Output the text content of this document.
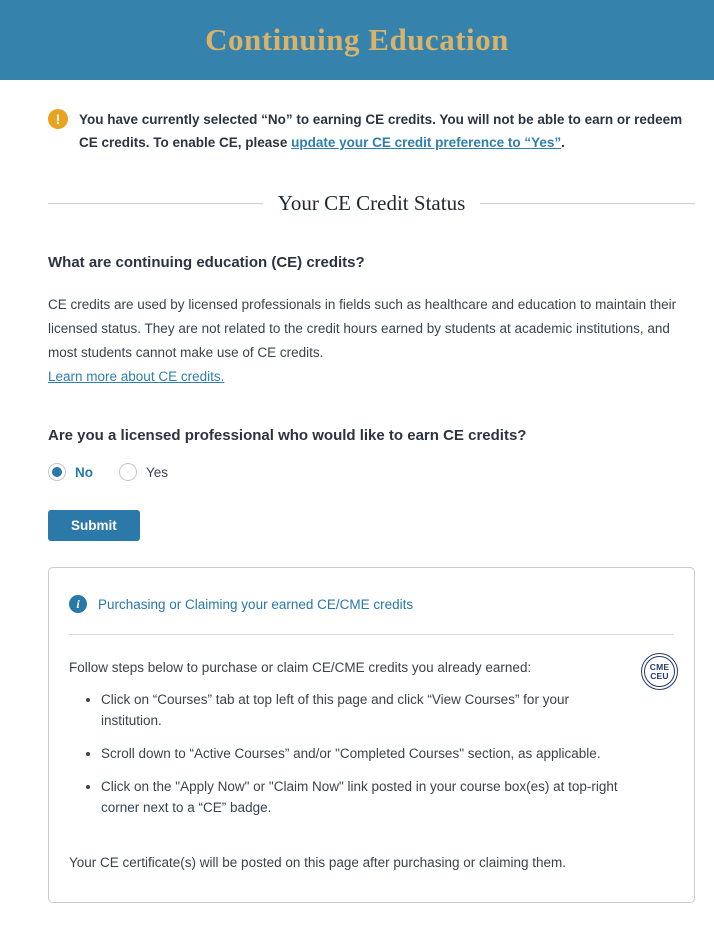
Continuing Education
!	You have currently selected “No” to earning CE credits. You will not be able to earn or redeem CE credits. To enable CE, please update your CE credit preference to “Yes”.
Your CE Credit Status
What are continuing education (CE) credits?

CE credits are used by licensed professionals in fields such as healthcare and education to maintain their licensed status. They are not related to the credit hours earned by students at academic institutions, and most students cannot make use of CE credits.

Learn more about CE credits.
Are you a licensed professional who would like to earn CE credits?
No	Yes
Submit
i	Purchasing or Claiming your earned CE/CME credits
Follow steps below to purchase or claim CE/CME credits you already earned:
• Click on “Courses” tab at top left of this page and click “View Courses” for your institution.
• Scroll down to “Active Courses” and/or "Completed Courses" section, as applicable.
• Click on the "Apply Now" or "Claim Now" link posted in your course box(es) at top-right corner next to a “CE” badge.
CME
CEU
Your CE certificate(s) will be posted on this page after purchasing or claiming them.
